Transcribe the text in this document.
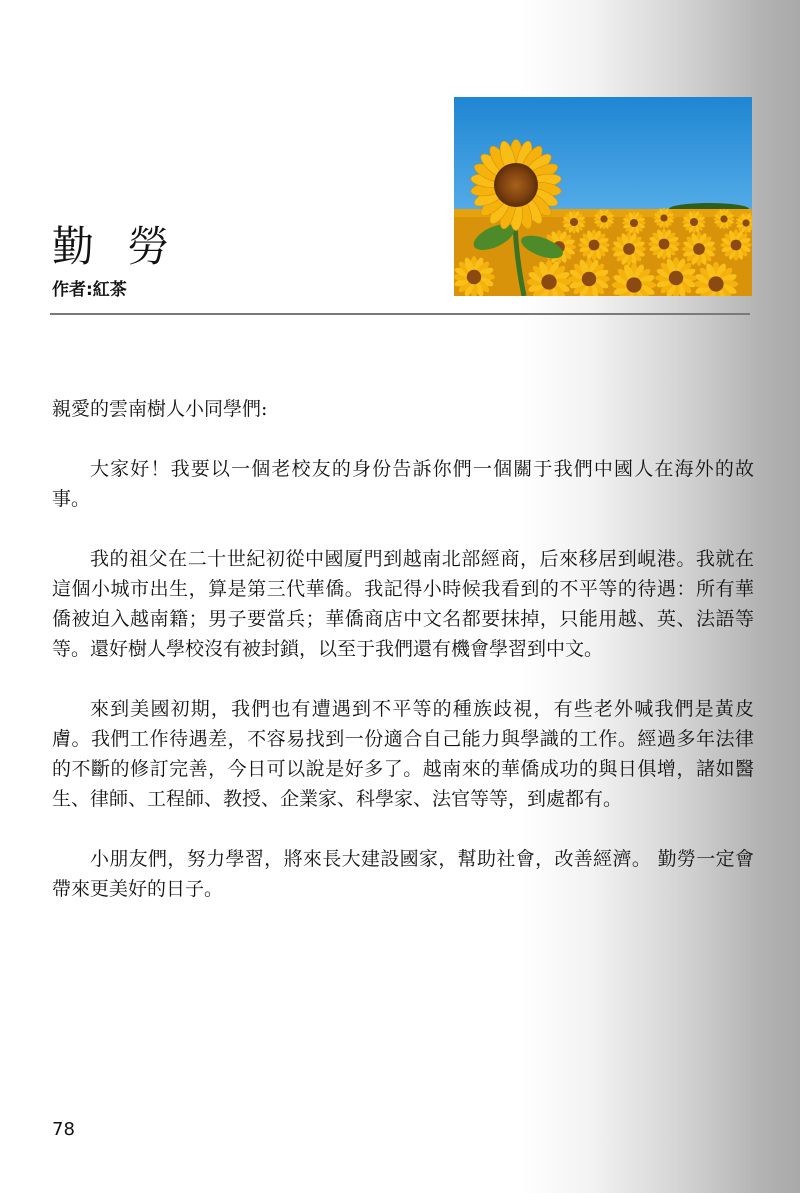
勤 勞

作者:紅茶

親愛的雲南樹人小同學們:

大家好！我要以一個老校友的身份告訴你們一個關于我們中國人在海外的故事。

我的祖父在二十世紀初從中國厦門到越南北部經商，后來移居到峴港。我就在這個小城市出生，算是第三代華僑。我記得小時候我看到的不平等的待遇：所有華僑被迫入越南籍；男子要當兵；華僑商店中文名都要抹掉，只能用越、英、法語等等。還好樹人學校沒有被封鎖，以至于我們還有機會學習到中文。

來到美國初期，我們也有遭遇到不平等的種族歧視，有些老外喊我們是黃皮膚。我們工作待遇差，不容易找到一份適合自己能力與學識的工作。經過多年法律的不斷的修訂完善，今日可以說是好多了。越南來的華僑成功的與日俱增，諸如醫生、律師、工程師、教授、企業家、科學家、法官等等，到處都有。

小朋友們，努力學習，將來長大建設國家，幫助社會，改善經濟。 勤勞一定會帶來更美好的日子。

78
